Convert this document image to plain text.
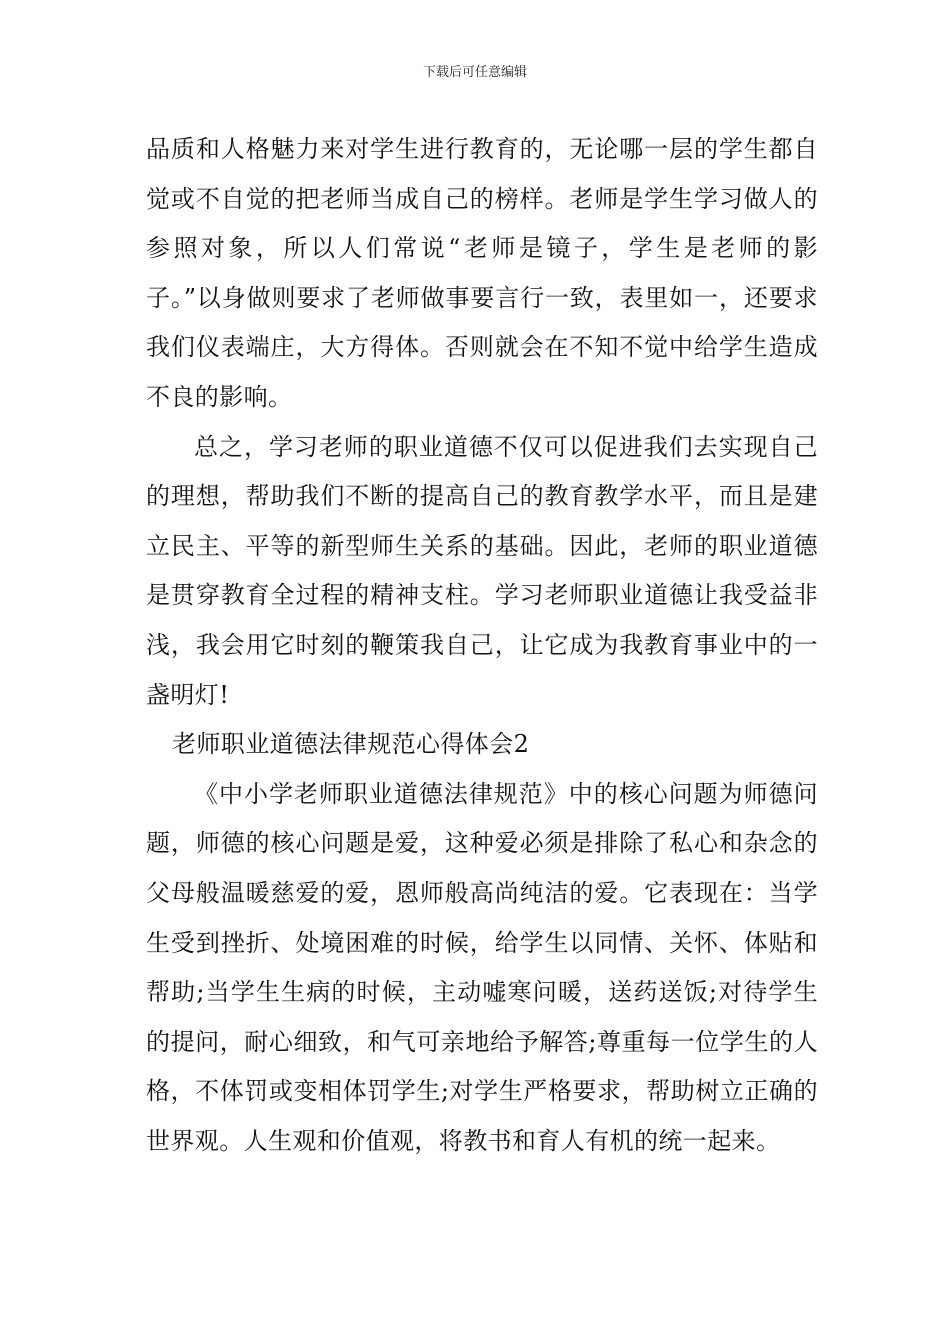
下载后可任意编辑

品质和人格魅力来对学生进行教育的，无论哪一层的学生都自觉或不自觉的把老师当成自己的榜样。老师是学生学习做人的参照对象，所以人们常说“老师是镜子，学生是老师的影子。”以身做则要求了老师做事要言行一致，表里如一，还要求我们仪表端庄，大方得体。否则就会在不知不觉中给学生造成不良的影响。

总之，学习老师的职业道德不仅可以促进我们去实现自己的理想，帮助我们不断的提高自己的教育教学水平，而且是建立民主、平等的新型师生关系的基础。因此，老师的职业道德是贯穿教育全过程的精神支柱。学习老师职业道德让我受益非浅，我会用它时刻的鞭策我自己，让它成为我教育事业中的一盏明灯!

老师职业道德法律规范心得体会2

《中小学老师职业道德法律规范》中的核心问题为师德问题，师德的核心问题是爱，这种爱必须是排除了私心和杂念的父母般温暖慈爱的爱，恩师般高尚纯洁的爱。它表现在：当学生受到挫折、处境困难的时候，给学生以同情、关怀、体贴和帮助;当学生生病的时候，主动嘘寒问暖，送药送饭;对待学生的提问，耐心细致，和气可亲地给予解答;尊重每一位学生的人格，不体罚或变相体罚学生;对学生严格要求，帮助树立正确的世界观。人生观和价值观，将教书和育人有机的统一起来。
